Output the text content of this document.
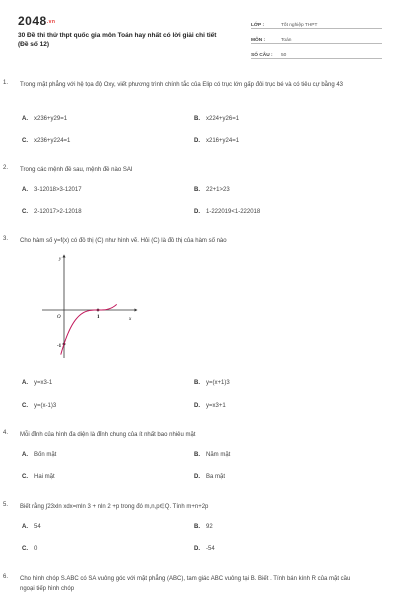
2048.vn
30 Đề thi thử thpt quốc gia môn Toán hay nhất có lời giải chi tiết (Đề số 12)
LỚP :	Tốt nghiệp THPT
MÔN :	Toán
SỐ CÂU :	50
1. Trong mặt phẳng với hệ tọa độ Oxy, viết phương trình chính tắc của Elip có trục lớn gấp đôi trục bé và có tiêu cự bằng 43
A. x236+y29=1	B. x224+y26=1
C. x236+y224=1	D. x216+y24=1
2. Trong các mệnh đề sau, mệnh đề nào SAI
A. 3-12018>3-12017	B. 22+1>23
C. 2-12017>2-12018	D. 1-222019<1-222018
3. Cho hàm số y=f(x) có đồ thị (C) như hình vẽ. Hỏi (C) là đồ thị của hàm số nào
A. y=x3-1	B. y=(x+1)3
C. y=(x-1)3	D. y=x3+1
y
x
O	1
-1
4. Mỗi đỉnh của hình đa diện là đỉnh chung của ít nhất bao nhiêu mặt
A. Bốn mặt	B. Năm mặt
C. Hai mặt	D. Ba mặt
5. Biết rằng ∫23xln xdx=mln 3 + nln 2 +p trong đó m,n,p∈Q. Tính m+n+2p
A. 54	B. 92
C. 0	D. -54
6. Cho hình chóp S.ABC có SA vuông góc với mặt phẳng (ABC), tam giác ABC vuông tại B. Biết . Tính bán kính R của mặt cầu ngoại tiếp hình chóp
